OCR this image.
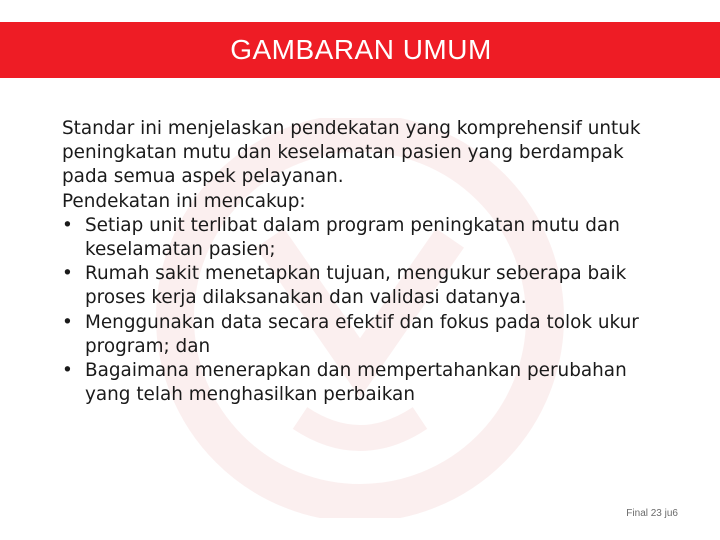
GAMBARAN UMUM

Standar ini menjelaskan pendekatan yang komprehensif untuk

peningkatan mutu dan keselamatan pasien yang berdampak

pada semua aspek pelayanan.

Pendekatan ini mencakup:

• Setiap unit terlibat dalam program peningkatan mutu dan
keselamatan pasien;
• Rumah sakit menetapkan tujuan, mengukur seberapa baik
proses kerja dilaksanakan dan validasi datanya.
• Menggunakan data secara efektif dan fokus pada tolok ukur
program; dan
• Bagaimana menerapkan dan mempertahankan perubahan
yang telah menghasilkan perbaikan
Final 23 ju6
